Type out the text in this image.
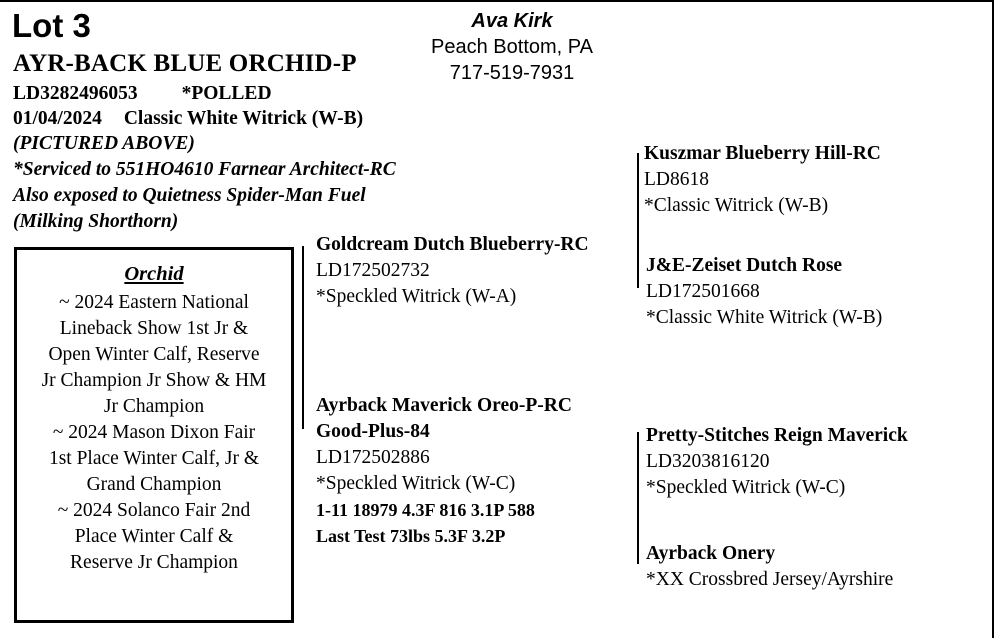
Lot 3
AYR-BACK BLUE ORCHID-P
LD3282496053 *POLLED
01/04/2024 Classic White Witrick (W-B)
(PICTURED ABOVE)
*Serviced to 551HO4610 Farnear Architect-RC
Also exposed to Quietness Spider-Man Fuel
(Milking Shorthorn)
Ava Kirk
Peach Bottom, PA
717-519-7931
Orchid
~ 2024 Eastern National
Lineback Show 1st Jr &
Open Winter Calf, Reserve
Jr Champion Jr Show & HM
Jr Champion
~ 2024 Mason Dixon Fair
1st Place Winter Calf, Jr &
Grand Champion
~ 2024 Solanco Fair 2nd
Place Winter Calf &
Reserve Jr Champion
Goldcream Dutch Blueberry-RC
LD172502732
*Speckled Witrick (W-A)
Ayrback Maverick Oreo-P-RC
Good-Plus-84
LD172502886
*Speckled Witrick (W-C)
1-11 18979 4.3F 816 3.1P 588
Last Test 73lbs 5.3F 3.2P
Kuszmar Blueberry Hill-RC
LD8618
*Classic Witrick (W-B)
J&E-Zeiset Dutch Rose
LD172501668
*Classic White Witrick (W-B)
Pretty-Stitches Reign Maverick
LD3203816120
*Speckled Witrick (W-C)
Ayrback Onery
*XX Crossbred Jersey/Ayrshire
